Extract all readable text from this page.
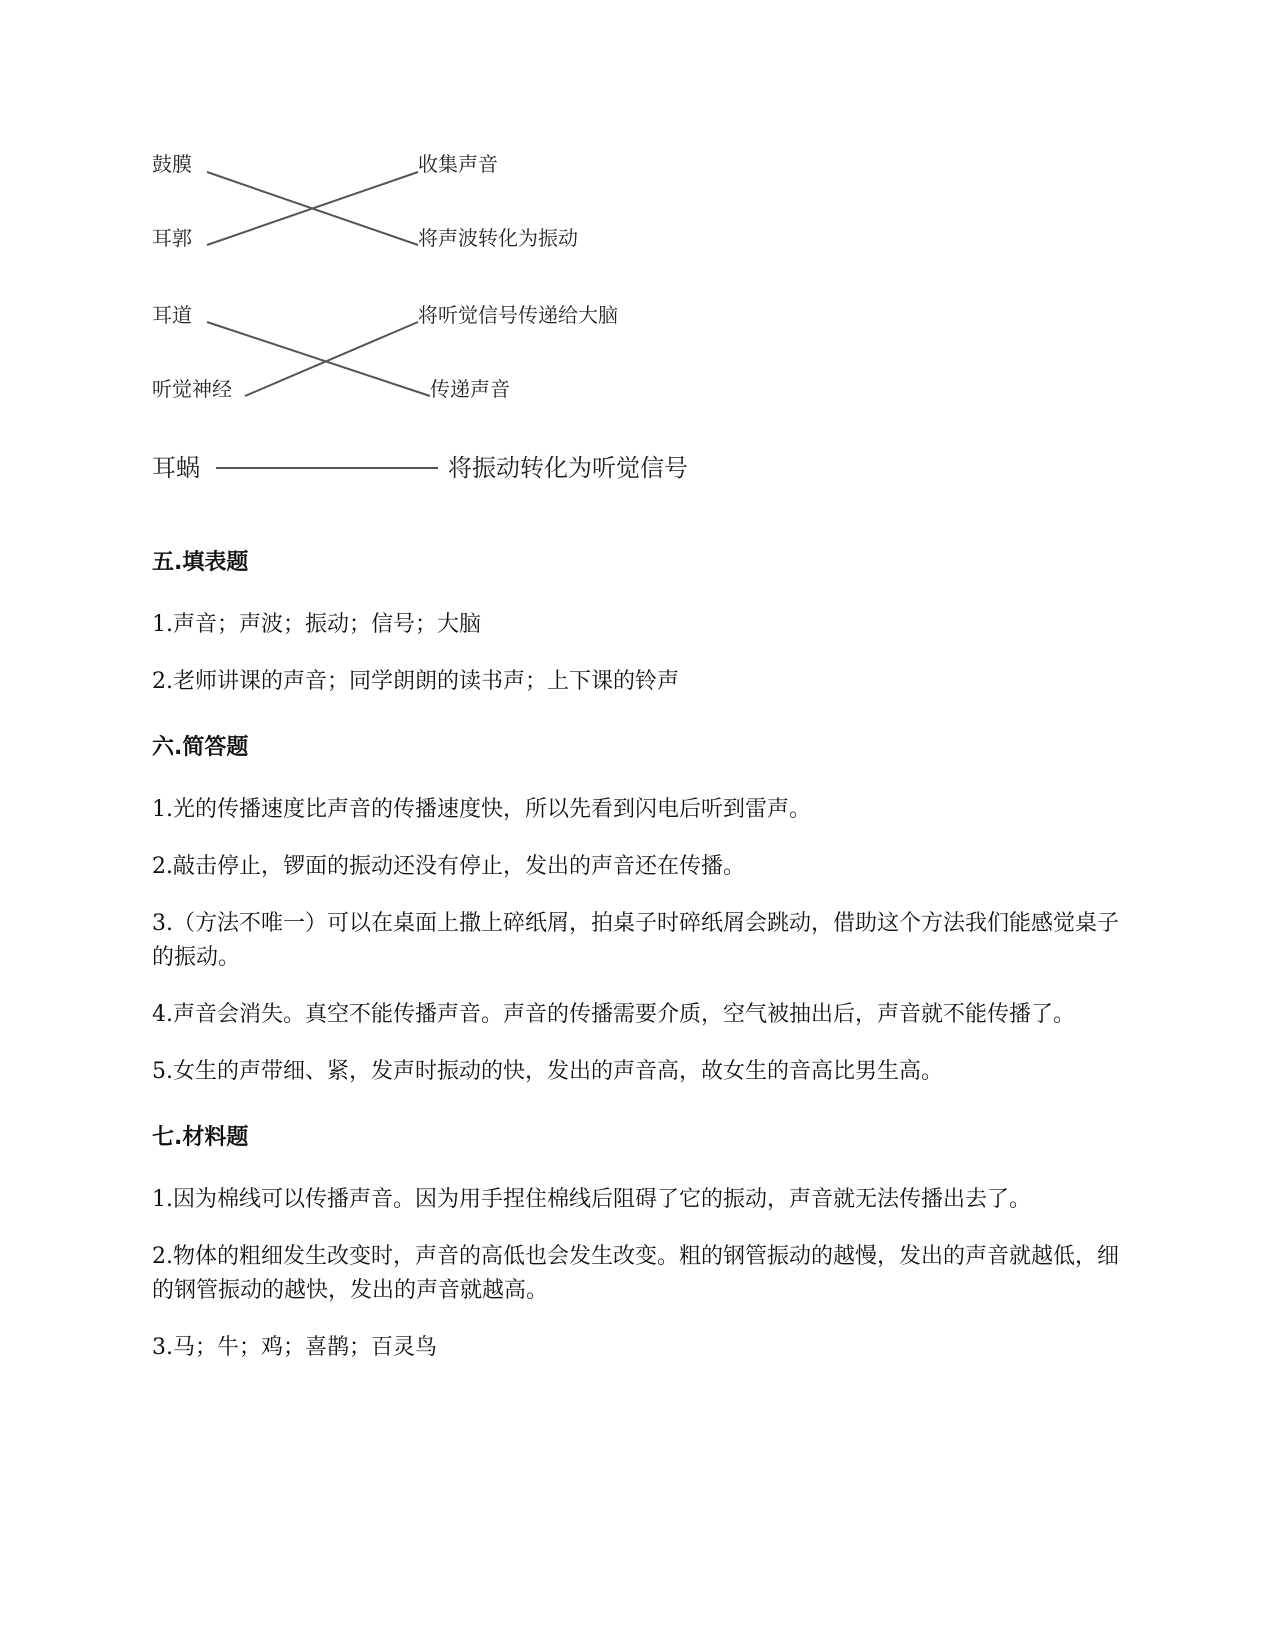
鼓膜
耳郭
收集声音
将声波转化为振动
耳道
听觉神经
将听觉信号传递给大脑
传递声音
耳蜗	将振动转化为听觉信号
五.填表题

1.声音；声波；振动；信号；大脑

2.老师讲课的声音；同学朗朗的读书声；上下课的铃声

六.简答题

1.光的传播速度比声音的传播速度快，所以先看到闪电后听到雷声。

2.敲击停止，锣面的振动还没有停止，发出的声音还在传播。

3.（方法不唯一）可以在桌面上撒上碎纸屑，拍桌子时碎纸屑会跳动，借助这个方法我们能感觉桌子的振动。

4.声音会消失。真空不能传播声音。声音的传播需要介质，空气被抽出后，声音就不能传播了。

5.女生的声带细、紧，发声时振动的快，发出的声音高，故女生的音高比男生高。

七.材料题

1.因为棉线可以传播声音。因为用手捏住棉线后阻碍了它的振动，声音就无法传播出去了。

2.物体的粗细发生改变时，声音的高低也会发生改变。粗的钢管振动的越慢，发出的声音就越低，细的钢管振动的越快，发出的声音就越高。

3.马；牛；鸡；喜鹊；百灵鸟
